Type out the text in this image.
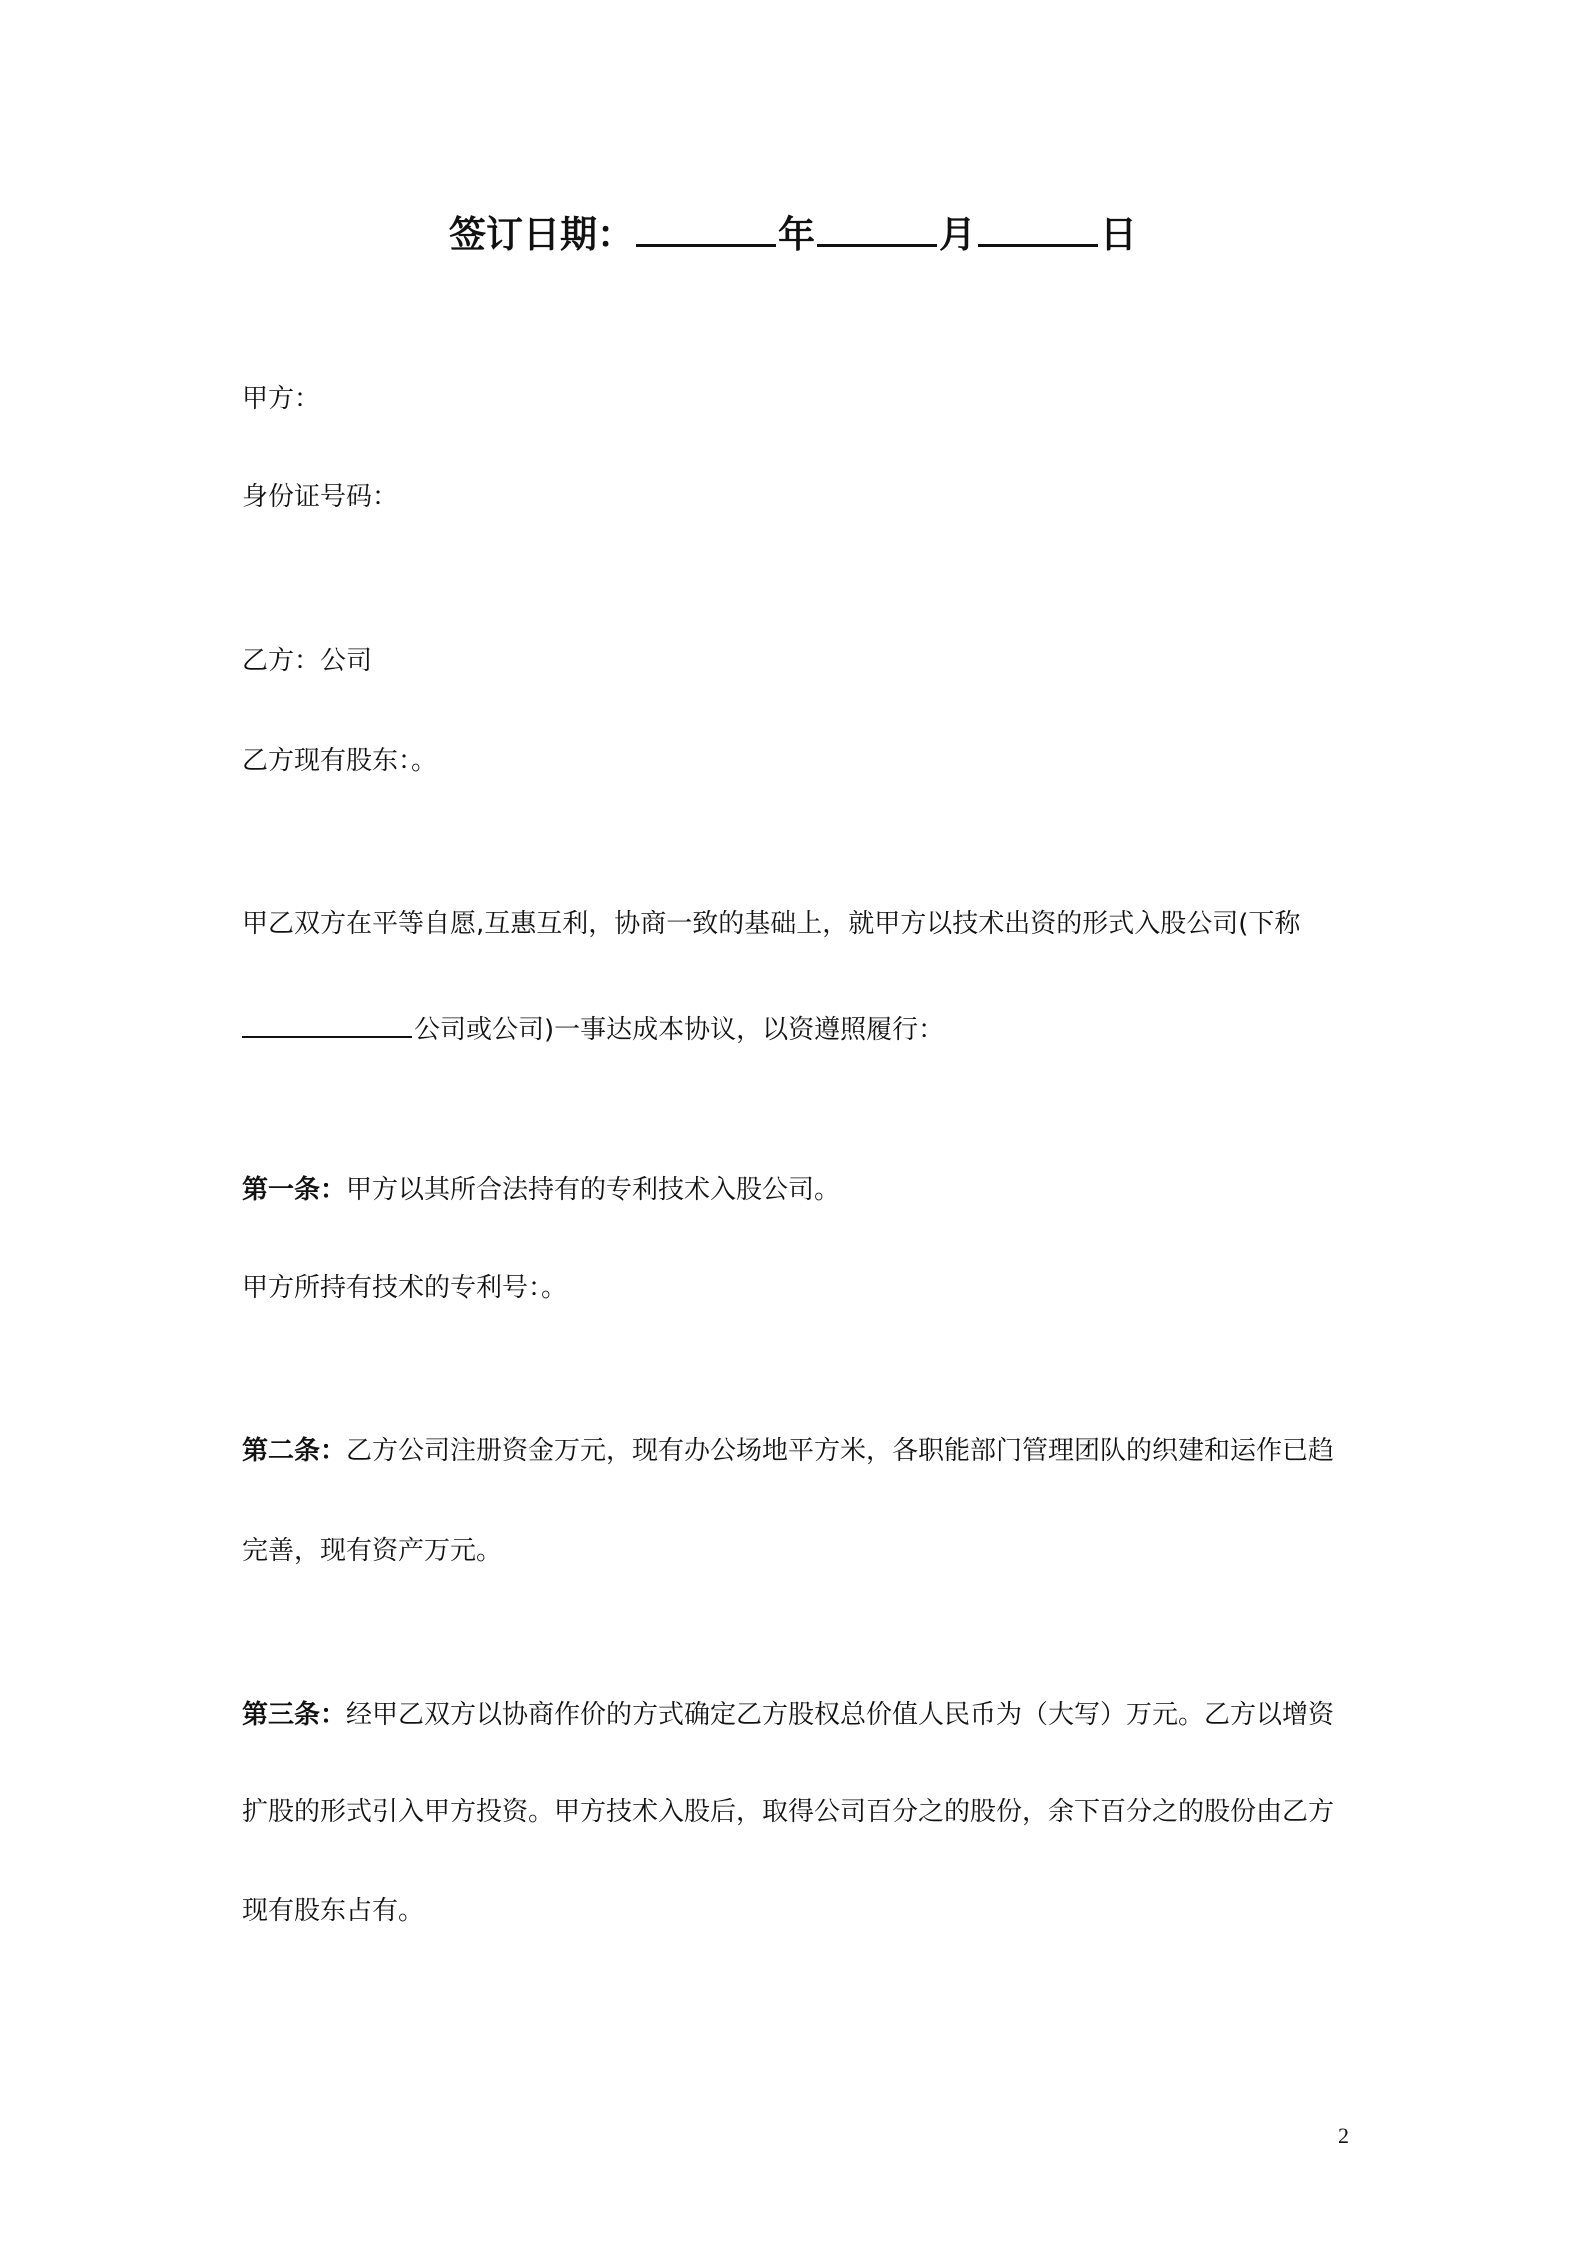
签订日期：	年	月	日
甲方：
身份证号码：
乙方：公司
乙方现有股东：。
甲乙双方在平等自愿,互惠互利，协商一致的基础上，就甲方以技术出资的形式入股公司(下称
公司或公司)一事达成本协议，以资遵照履行：
第一条：甲方以其所合法持有的专利技术入股公司。
甲方所持有技术的专利号：。
第二条：乙方公司注册资金万元，现有办公场地平方米，各职能部门管理团队的织建和运作已趋
完善，现有资产万元。
第三条：经甲乙双方以协商作价的方式确定乙方股权总价值人民币为（大写）万元。乙方以增资
扩股的形式引入甲方投资。甲方技术入股后，取得公司百分之的股份，余下百分之的股份由乙方
现有股东占有。
2
